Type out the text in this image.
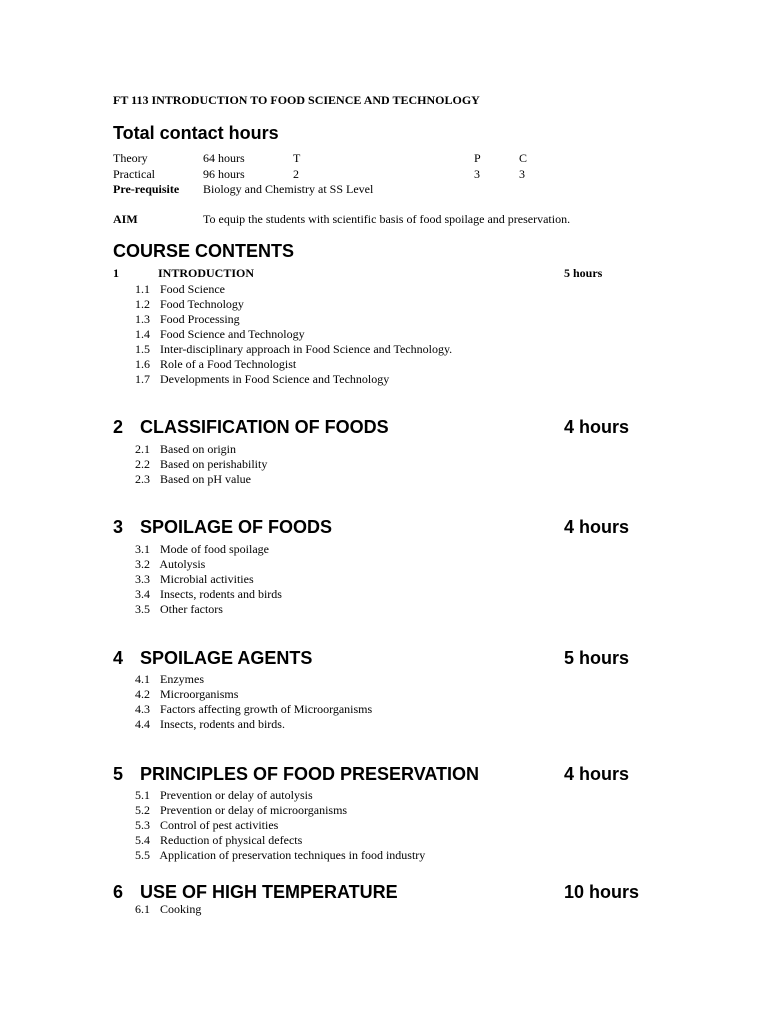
FT 113 INTRODUCTION TO FOOD SCIENCE AND TECHNOLOGY
Total contact hours
Theory	64 hours	T	P	C
Practical	96 hours	2	3	3
Pre-requisite Biology and Chemistry at SS Level
AIM	To equip the students with scientific basis of food spoilage and preservation.
COURSE CONTENTS
1	INTRODUCTION	5 hours
1.1 Food Science
1.2 Food Technology
1.3 Food Processing
1.4 Food Science and Technology
1.5 Inter-disciplinary approach in Food Science and Technology.
1.6 Role of a Food Technologist
1.7 Developments in Food Science and Technology
2 CLASSIFICATION OF FOODS	4 hours
2.1 Based on origin
2.2 Based on perishability
2.3 Based on pH value
3 SPOILAGE OF FOODS	4 hours
3.1 Mode of food spoilage
3.2 Autolysis
3.3 Microbial activities
3.4 Insects, rodents and birds
3.5 Other factors
4 SPOILAGE AGENTS	5 hours
4.1 Enzymes
4.2 Microorganisms
4.3 Factors affecting growth of Microorganisms
4.4 Insects, rodents and birds.
5 PRINCIPLES OF FOOD PRESERVATION	4 hours
5.1 Prevention or delay of autolysis
5.2 Prevention or delay of microorganisms
5.3 Control of pest activities
5.4 Reduction of physical defects
5.5 Application of preservation techniques in food industry
6 USE OF HIGH TEMPERATURE	10 hours
6.1 Cooking
